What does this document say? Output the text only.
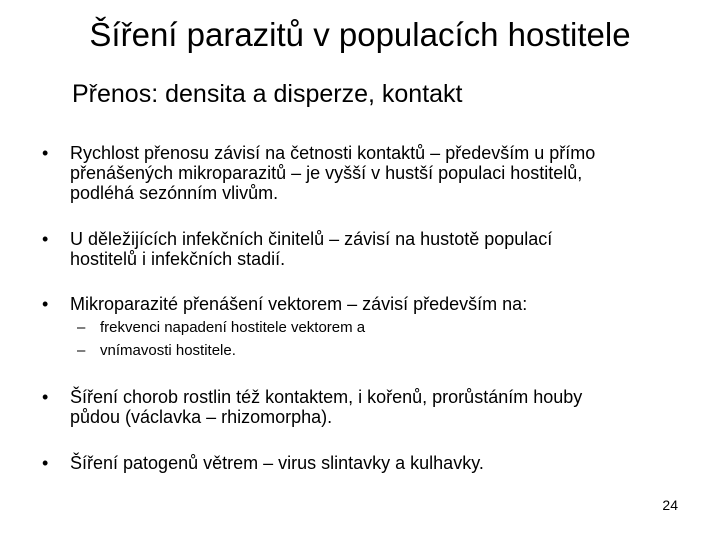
Šíření parazitů v populacích hostitele
Přenos: densita a disperze, kontakt
• Rychlost přenosu závisí na četnosti kontaktů – především u přímo
přenášených mikroparazitů – je vyšší v hustší populaci hostitelů,
podléhá sezónním vlivům.
• U děležijících infekčních činitelů – závisí na hustotě populací
hostitelů i infekčních stadií.
• Mikroparazité přenášení vektorem – závisí především na:
– frekvenci napadení hostitele vektorem a
– vnímavosti hostitele.
• Šíření chorob rostlin též kontaktem, i kořenů, prorůstáním houby
půdou (václavka – rhizomorpha).
• Šíření patogenů větrem – virus slintavky a kulhavky.
24
